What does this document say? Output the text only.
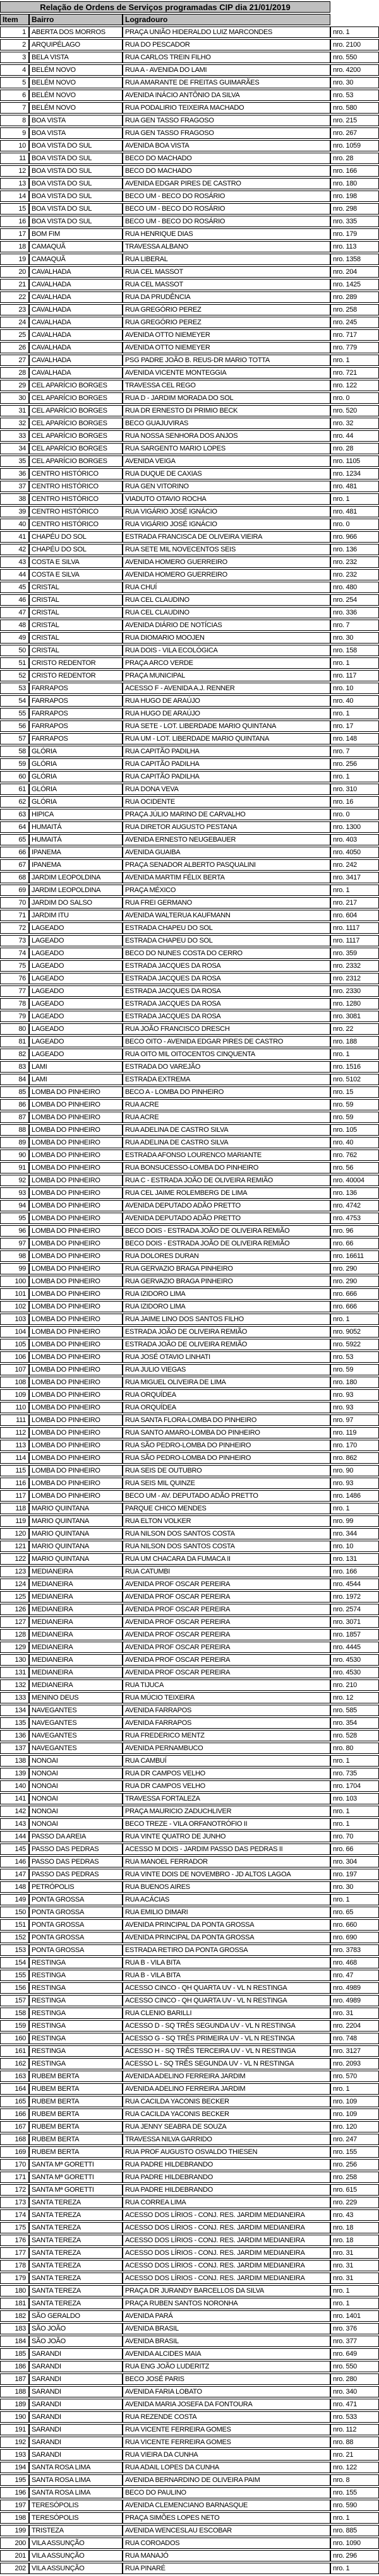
Relação de Ordens de Serviços programadas CIP dia 21/01/2019			
Item	Bairro	Logradouro	
1	ABERTA DOS MORROS	PRAÇA UNIÃO HIDERALDO LUIZ MARCONDES	nro. 1
2	ARQUIPÉLAGO	RUA DO PESCADOR	nro. 2100
3	BELA VISTA	RUA CARLOS TREIN FILHO	nro. 550
4	BELÉM NOVO	RUA A - AVENIDA DO LAMI	nro. 4200
5	BELÉM NOVO	RUA AMARANTE DE FREITAS GUIMARÃES	nro. 30
6	BELÉM NOVO	AVENIDA INÁCIO ANTÔNIO DA SILVA	nro. 53
7	BELÉM NOVO	RUA PODALIRIO TEIXEIRA MACHADO	nro. 580
8	BOA VISTA	RUA GEN TASSO FRAGOSO	nro. 215
9	BOA VISTA	RUA GEN TASSO FRAGOSO	nro. 267
10	BOA VISTA DO SUL	AVENIDA BOA VISTA	nro. 1059
11	BOA VISTA DO SUL	BECO DO MACHADO	nro. 28
12	BOA VISTA DO SUL	BECO DO MACHADO	nro. 166
13	BOA VISTA DO SUL	AVENIDA EDGAR PIRES DE CASTRO	nro. 180
14	BOA VISTA DO SUL	BECO UM - BECO DO ROSÁRIO	nro. 198
15	BOA VISTA DO SUL	BECO UM - BECO DO ROSÁRIO	nro. 298
16	BOA VISTA DO SUL	BECO UM - BECO DO ROSÁRIO	nro. 335
17	BOM FIM	RUA HENRIQUE DIAS	nro. 179
18	CAMAQUÃ	TRAVESSA ALBANO	nro. 113
19	CAMAQUÃ	RUA LIBERAL	nro. 1358
20	CAVALHADA	RUA CEL MASSOT	nro. 204
21	CAVALHADA	RUA CEL MASSOT	nro. 1425
22	CAVALHADA	RUA DA PRUDÊNCIA	nro. 289
23	CAVALHADA	RUA GREGÓRIO PEREZ	nro. 258
24	CAVALHADA	RUA GREGÓRIO PEREZ	nro. 245
25	CAVALHADA	AVENIDA OTTO NIEMEYER	nro. 717
26	CAVALHADA	AVENIDA OTTO NIEMEYER	nro. 779
27	CAVALHADA	PSG PADRE JOÃO B. REUS-DR MARIO TOTTA	nro. 1
28	CAVALHADA	AVENIDA VICENTE MONTEGGIA	nro. 721
29	CEL APARÍCIO BORGES	TRAVESSA CEL REGO	nro. 122
30	CEL APARÍCIO BORGES	RUA D - JARDIM MORADA DO SOL	nro. 0
31	CEL APARÍCIO BORGES	RUA DR ERNESTO DI PRIMIO BECK	nro. 520
32	CEL APARÍCIO BORGES	BECO GUAJUVIRAS	nro. 32
33	CEL APARÍCIO BORGES	RUA NOSSA SENHORA DOS ANJOS	nro. 44
34	CEL APARÍCIO BORGES	RUA SARGENTO MARIO LOPES	nro. 28
35	CEL APARÍCIO BORGES	AVENIDA VEIGA	nro. 1105
36	CENTRO HISTÓRICO	RUA DUQUE DE CAXIAS	nro. 1234
37	CENTRO HISTÓRICO	RUA GEN VITORINO	nro. 481
38	CENTRO HISTÓRICO	VIADUTO OTAVIO ROCHA	nro. 1
39	CENTRO HISTÓRICO	RUA VIGÁRIO JOSÉ IGNÁCIO	nro. 481
40	CENTRO HISTÓRICO	RUA VIGÁRIO JOSÉ IGNÁCIO	nro. 0
41	CHAPÉU DO SOL	ESTRADA FRANCISCA DE OLIVEIRA VIEIRA	nro. 966
42	CHAPÉU DO SOL	RUA SETE MIL NOVECENTOS SEIS	nro. 136
43	COSTA E SILVA	AVENIDA HOMERO GUERREIRO	nro. 232
44	COSTA E SILVA	AVENIDA HOMERO GUERREIRO	nro. 232
45	CRISTAL	RUA CHUÍ	nro. 480
46	CRISTAL	RUA CEL CLAUDINO	nro. 254
47	CRISTAL	RUA CEL CLAUDINO	nro. 336
48	CRISTAL	AVENIDA DIÁRIO DE NOTÍCIAS	nro. 7
49	CRISTAL	RUA DIOMARIO MOOJEN	nro. 30
50	CRISTAL	RUA DOIS - VILA ECOLÓGICA	nro. 158
51	CRISTO REDENTOR	PRAÇA ARCO VERDE	nro. 1
52	CRISTO REDENTOR	PRAÇA MUNICIPAL	nro. 117
53	FARRAPOS	ACESSO F - AVENIDA A.J. RENNER	nro. 10
54	FARRAPOS	RUA HUGO DE ARAÚJO	nro. 40
55	FARRAPOS	RUA HUGO DE ARAÚJO	nro. 1
56	FARRAPOS	RUA SETE - LOT. LIBERDADE MARIO QUINTANA	nro. 17
57	FARRAPOS	RUA UM - LOT. LIBERDADE MARIO QUINTANA	nro. 148
58	GLÓRIA	RUA CAPITÃO PADILHA	nro. 7
59	GLÓRIA	RUA CAPITÃO PADILHA	nro. 256
60	GLÓRIA	RUA CAPITÃO PADILHA	nro. 1
61	GLÓRIA	RUA DONA VEVA	nro. 310
62	GLÓRIA	RUA OCIDENTE	nro. 16
63	HIPICA	PRAÇA JÚLIO MARINO DE CARVALHO	nro. 0
64	HUMAITÁ	RUA DIRETOR AUGUSTO PESTANA	nro. 1300
65	HUMAITÁ	AVENIDA ERNESTO NEUGEBAUER	nro. 403
66	IPANEMA	AVENIDA GUAIBA	nro. 4050
67	IPANEMA	PRAÇA SENADOR ALBERTO PASQUALINI	nro. 242
68	JARDIM LEOPOLDINA	AVENIDA MARTIM FÉLIX BERTA	nro. 3417
69	JARDIM LEOPOLDINA	PRAÇA MÉXICO	nro. 1
70	JARDIM DO SALSO	RUA FREI GERMANO	nro. 217
71	JARDIM ITU	AVENIDA WALTERUA KAUFMANN	nro. 604
72	LAGEADO	ESTRADA CHAPEU DO SOL	nro. 1117
73	LAGEADO	ESTRADA CHAPEU DO SOL	nro. 1117
74	LAGEADO	BECO DO NUNES COSTA DO CERRO	nro. 359
75	LAGEADO	ESTRADA JACQUES DA ROSA	nro. 2332
76	LAGEADO	ESTRADA JACQUES DA ROSA	nro. 2312
77	LAGEADO	ESTRADA JACQUES DA ROSA	nro. 2330
78	LAGEADO	ESTRADA JACQUES DA ROSA	nro. 1280
79	LAGEADO	ESTRADA JACQUES DA ROSA	nro. 3081
80	LAGEADO	RUA JOÃO FRANCISCO DRESCH	nro. 22
81	LAGEADO	BECO OITO - AVENIDA EDGAR PIRES DE CASTRO	nro. 188
82	LAGEADO	RUA OITO MIL OITOCENTOS CINQUENTA	nro. 1
83	LAMI	ESTRADA DO VAREJÃO	nro. 1516
84	LAMI	ESTRADA EXTREMA	nro. 5102
85	LOMBA DO PINHEIRO	BECO A - LOMBA DO PINHEIRO	nro. 15
86	LOMBA DO PINHEIRO	RUA ACRE	nro. 59
87	LOMBA DO PINHEIRO	RUA ACRE	nro. 59
88	LOMBA DO PINHEIRO	RUA ADELINA DE CASTRO SILVA	nro. 105
89	LOMBA DO PINHEIRO	RUA ADELINA DE CASTRO SILVA	nro. 40
90	LOMBA DO PINHEIRO	ESTRADA AFONSO LOURENCO MARIANTE	nro. 762
91	LOMBA DO PINHEIRO	RUA BONSUCESSO-LOMBA DO PINHEIRO	nro. 56
92	LOMBA DO PINHEIRO	RUA C - ESTRADA JOÃO DE OLIVEIRA REMIÃO	nro. 40004
93	LOMBA DO PINHEIRO	RUA CEL JAIME ROLEMBERG DE LIMA	nro. 136
94	LOMBA DO PINHEIRO	AVENIDA DEPUTADO ADÃO PRETTO	nro. 4742
95	LOMBA DO PINHEIRO	AVENIDA DEPUTADO ADÃO PRETTO	nro. 4753
96	LOMBA DO PINHEIRO	BECO DOIS - ESTRADA JOÃO DE OLIVEIRA REMIÃO	nro. 96
97	LOMBA DO PINHEIRO	BECO DOIS - ESTRADA JOÃO DE OLIVEIRA REMIÃO	nro. 66
98	LOMBA DO PINHEIRO	RUA DOLORES DURAN	nro. 16611
99	LOMBA DO PINHEIRO	RUA GERVAZIO BRAGA PINHEIRO	nro. 290
100	LOMBA DO PINHEIRO	RUA GERVAZIO BRAGA PINHEIRO	nro. 290
101	LOMBA DO PINHEIRO	RUA IZIDORO LIMA	nro. 666
102	LOMBA DO PINHEIRO	RUA IZIDORO LIMA	nro. 666
103	LOMBA DO PINHEIRO	RUA JAIME LINO DOS SANTOS FILHO	nro. 1
104	LOMBA DO PINHEIRO	ESTRADA JOÃO DE OLIVEIRA REMIÃO	nro. 9052
105	LOMBA DO PINHEIRO	ESTRADA JOÃO DE OLIVEIRA REMIÃO	nro. 5922
106	LOMBA DO PINHEIRO	RUA JOSÉ OTAVIO LINHATI	nro. 53
107	LOMBA DO PINHEIRO	RUA JULIO VIEGAS	nro. 59
108	LOMBA DO PINHEIRO	RUA MIGUEL OLIVEIRA DE LIMA	nro. 180
109	LOMBA DO PINHEIRO	RUA ORQUÍDEA	nro. 93
110	LOMBA DO PINHEIRO	RUA ORQUÍDEA	nro. 93
111	LOMBA DO PINHEIRO	RUA SANTA FLORA-LOMBA DO PINHEIRO	nro. 97
112	LOMBA DO PINHEIRO	RUA SANTO AMARO-LOMBA DO PINHEIRO	nro. 119
113	LOMBA DO PINHEIRO	RUA SÃO PEDRO-LOMBA DO PINHEIRO	nro. 170
114	LOMBA DO PINHEIRO	RUA SÃO PEDRO-LOMBA DO PINHEIRO	nro. 862
115	LOMBA DO PINHEIRO	RUA SEIS DE OUTUBRO	nro. 90
116	LOMBA DO PINHEIRO	RUA SEIS MIL QUINZE	nro. 93
117	LOMBA DO PINHEIRO	BECO UM - AV. DEPUTADO ADÃO PRETTO	nro. 1486
118	MARIO QUINTANA	PARQUE CHICO MENDES	nro. 1
119	MARIO QUINTANA	RUA ELTON VOLKER	nro. 99
120	MARIO QUINTANA	RUA NILSON DOS SANTOS COSTA	nro. 344
121	MARIO QUINTANA	RUA NILSON DOS SANTOS COSTA	nro. 10
122	MARIO QUINTANA	RUA UM CHACARA DA FUMACA II	nro. 131
123	MEDIANEIRA	RUA CATUMBI	nro. 166
124	MEDIANEIRA	AVENIDA PROF OSCAR PEREIRA	nro. 4544
125	MEDIANEIRA	AVENIDA PROF OSCAR PEREIRA	nro. 1972
126	MEDIANEIRA	AVENIDA PROF OSCAR PEREIRA	nro. 2574
127	MEDIANEIRA	AVENIDA PROF OSCAR PEREIRA	nro. 3071
128	MEDIANEIRA	AVENIDA PROF OSCAR PEREIRA	nro. 1857
129	MEDIANEIRA	AVENIDA PROF OSCAR PEREIRA	nro. 4445
130	MEDIANEIRA	AVENIDA PROF OSCAR PEREIRA	nro. 4530
131	MEDIANEIRA	AVENIDA PROF OSCAR PEREIRA	nro. 4530
132	MEDIANEIRA	RUA TIJUCA	nro. 210
133	MENINO DEUS	RUA MÚCIO TEIXEIRA	nro. 12
134	NAVEGANTES	AVENIDA FARRAPOS	nro. 585
135	NAVEGANTES	AVENIDA FARRAPOS	nro. 354
136	NAVEGANTES	RUA FREDERICO MENTZ	nro. 528
137	NAVEGANTES	AVENIDA PERNAMBUCO	nro. 80
138	NONOAI	RUA CAMBUÍ	nro. 1
139	NONOAI	RUA DR CAMPOS VELHO	nro. 735
140	NONOAI	RUA DR CAMPOS VELHO	nro. 1704
141	NONOAI	TRAVESSA FORTALEZA	nro. 103
142	NONOAI	PRAÇA MAURICIO ZADUCHLIVER	nro. 1
143	NONOAI	BECO TREZE - VILA ORFANOTRÓFIO II	nro. 1
144	PASSO DA AREIA	RUA VINTE QUATRO DE JUNHO	nro. 70
145	PASSO DAS PEDRAS	ACESSO M DOIS - JARDIM PASSO DAS PEDRAS II	nro. 66
146	PASSO DAS PEDRAS	RUA MANOEL FERRADOR	nro. 304
147	PASSO DAS PEDRAS	RUA VINTE DOIS DE NOVEMBRO - JD ALTOS LAGOA	nro. 197
148	PETRÓPOLIS	RUA BUENOS AIRES	nro. 30
149	PONTA GROSSA	RUA ACÁCIAS	nro. 1
150	PONTA GROSSA	RUA EMILIO DIMARI	nro. 65
151	PONTA GROSSA	AVENIDA PRINCIPAL DA PONTA GROSSA	nro. 660
152	PONTA GROSSA	AVENIDA PRINCIPAL DA PONTA GROSSA	nro. 690
153	PONTA GROSSA	ESTRADA RETIRO DA PONTA GROSSA	nro. 3783
154	RESTINGA	RUA B - VILA BITA	nro. 468
155	RESTINGA	RUA B - VILA BITA	nro. 47
156	RESTINGA	ACESSO CINCO - QH QUARTA UV - VL N RESTINGA	nro. 4989
157	RESTINGA	ACESSO CINCO - QH QUARTA UV - VL N RESTINGA	nro. 4989
158	RESTINGA	RUA CLENIO BARILLI	nro. 31
159	RESTINGA	ACESSO D - SQ TRÊS SEGUNDA UV - VL N RESTINGA	nro. 2204
160	RESTINGA	ACESSO G - SQ TRÊS PRIMEIRA UV - VL N RESTINGA	nro. 748
161	RESTINGA	ACESSO H - SQ TRÊS TERCEIRA UV - VL N RESTINGA	nro. 3127
162	RESTINGA	ACESSO L - SQ TRÊS SEGUNDA UV - VL N RESTINGA	nro. 2093
163	RUBEM BERTA	AVENIDA ADELINO FERREIRA JARDIM	nro. 570
164	RUBEM BERTA	AVENIDA ADELINO FERREIRA JARDIM	nro. 1
165	RUBEM BERTA	RUA CACILDA YACONIS BECKER	nro. 109
166	RUBEM BERTA	RUA CACILDA YACONIS BECKER	nro. 109
167	RUBEM BERTA	RUA JENNY SEABRA DE SOUZA	nro. 120
168	RUBEM BERTA	TRAVESSA NILVA GARRIDO	nro. 247
169	RUBEM BERTA	RUA PROF AUGUSTO OSVALDO THIESEN	nro. 155
170	SANTA Mª GORETTI	RUA PADRE HILDEBRANDO	nro. 256
171	SANTA Mª GORETTI	RUA PADRE HILDEBRANDO	nro. 258
172	SANTA Mª GORETTI	RUA PADRE HILDEBRANDO	nro. 615
173	SANTA TEREZA	RUA CORREA LIMA	nro. 229
174	SANTA TEREZA	ACESSO DOS LÍRIOS - CONJ. RES. JARDIM MEDIANEIRA	nro. 43
175	SANTA TEREZA	ACESSO DOS LÍRIOS - CONJ. RES. JARDIM MEDIANEIRA	nro. 18
176	SANTA TEREZA	ACESSO DOS LÍRIOS - CONJ. RES. JARDIM MEDIANEIRA	nro. 18
177	SANTA TEREZA	ACESSO DOS LÍRIOS - CONJ. RES. JARDIM MEDIANEIRA	nro. 31
178	SANTA TEREZA	ACESSO DOS LÍRIOS - CONJ. RES. JARDIM MEDIANEIRA	nro. 31
179	SANTA TEREZA	ACESSO DOS LÍRIOS - CONJ. RES. JARDIM MEDIANEIRA	nro. 31
180	SANTA TEREZA	PRAÇA DR JURANDY BARCELLOS DA SILVA	nro. 1
181	SANTA TEREZA	PRAÇA RUBEN SANTOS NORONHA	nro. 1
182	SÃO GERALDO	AVENIDA PARÁ	nro. 1401
183	SÃO JOÃO	AVENIDA BRASIL	nro. 376
184	SÃO JOÃO	AVENIDA BRASIL	nro. 377
185	SARANDI	AVENIDA ALCIDES MAIA	nro. 649
186	SARANDI	RUA ENG JOÃO LUDERITZ	nro. 550
187	SARANDI	BECO JOSÉ PARIS	nro. 280
188	SARANDI	AVENIDA FARIA LOBATO	nro. 340
189	SARANDI	AVENIDA MARIA JOSEFA DA FONTOURA	nro. 471
190	SARANDI	RUA REZENDE COSTA	nro. 533
191	SARANDI	RUA VICENTE FERREIRA GOMES	nro. 112
192	SARANDI	RUA VICENTE FERREIRA GOMES	nro. 88
193	SARANDI	RUA VIEIRA DA CUNHA	nro. 21
194	SANTA ROSA LIMA	RUA ADAIL LOPES DA CUNHA	nro. 122
195	SANTA ROSA LIMA	AVENIDA BERNARDINO DE OLIVEIRA PAIM	nro. 8
196	SANTA ROSA LIMA	BECO DO PAULINO	nro. 155
197	TERESÓPOLIS	AVENIDA CLEMENCIANO BARNASQUE	nro. 590
198	TERESÓPOLIS	PRAÇA SIMÕES LOPES NETO	nro. 1
199	TRISTEZA	AVENIDA WENCESLAU ESCOBAR	nro. 885
200	VILA ASSUNÇÃO	RUA COROADOS	nro. 1090
201	VILA ASSUNÇÃO	RUA MANAJÓ	nro. 296
202	VILA ASSUNÇÃO	RUA PINARÉ	nro. 1
